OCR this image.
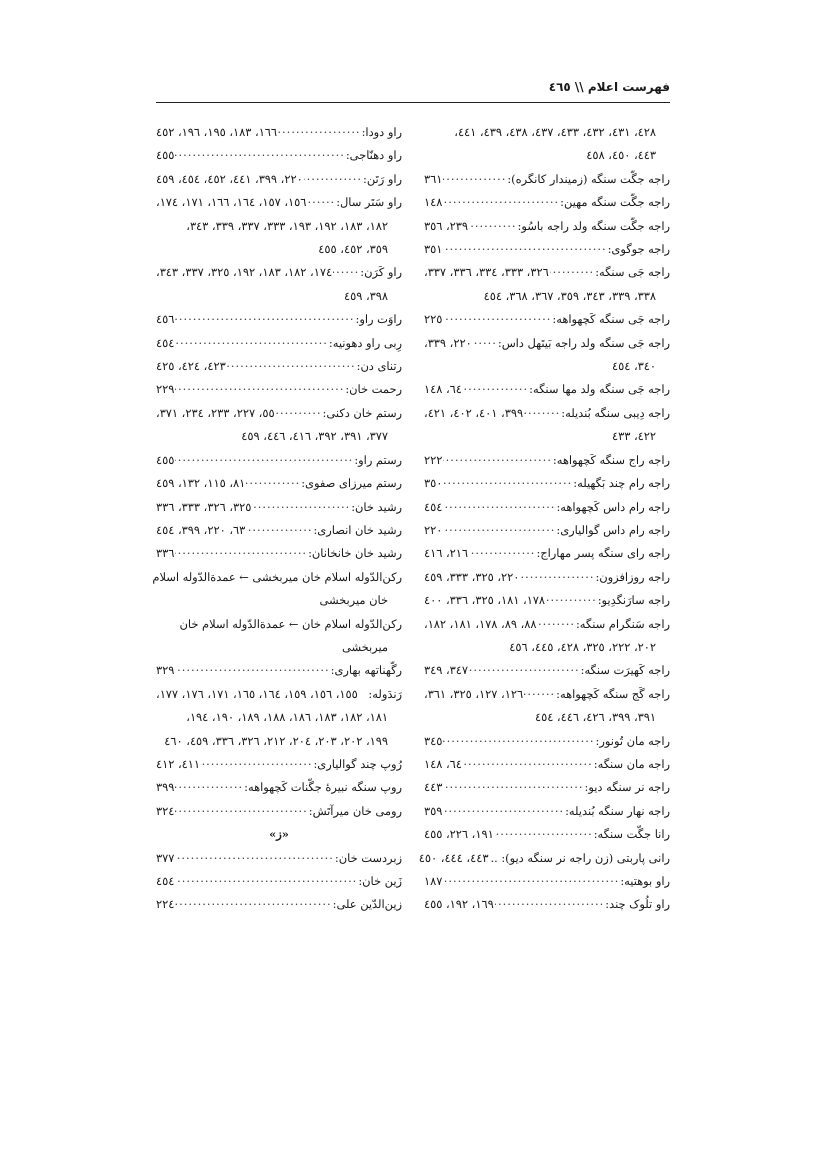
فهرست اعلام \\ ٤٦٥
٤٢٨، ٤٣١، ٤٣٢، ٤٣٣، ٤٣٧، ٤٣٨، ٤٣٩، ٤٤١،
٤٤٣، ٤٥٠، ٤٥٨
راجه جگّت سنگه (زمیندار کانگره):
.....
٣٦١
راجه جگّت سنگه مهین:
.....
١٤٨
راجه جگّت سنگه ولد راجه باسُو:
.....
٢٣٩، ٣٥٦
راجه جوگوی:
.....
٣٥١
راجه جَی سنگه:
.....
٣٢٦، ٣٣٣، ٣٣٤، ٣٣٦، ٣٣٧،
٣٣٨، ٣٣٩، ٣٤٣، ٣٥٩، ٣٦٧، ٣٦٨، ٤٥٤
راجه جَی سنگه کَچهواهه:
.....
٢٢٥
راجه جَی سنگه ولد راجه بَیتَهل داس:
.....
٢٢٠، ٣٣٩،
٣٤٠، ٤٥٤
راجه جَی سنگه ولد مها سنگه:
.....
٦٤، ١٤٨
راجه دِیبی سنگه بُندیله:
.....
٣٩٩، ٤٠١، ٤٠٢، ٤٢١،
٤٢٢، ٤٣٣
راجه راج سنگه کَچهواهه:
.....
٢٢٢
راجه رام چند بَگهیله:
.....
٣٥٠
راجه رام داس کَچهواهه:
.....
٤٥٤
راجه رام داس گوالیاری:
.....
٢٢٠
راجه رای سنگه پسر مهاراج:
.....
٢١٦، ٤١٦
راجه روزافزون:
.....
٢٢٠، ٣٢٥، ٣٣٣، ٤٥٩
راجه سارَنگدِیو:
.....
١٧٨، ١٨١، ٣٢٥، ٣٣٦، ٤٠٠
راجه سَنگرام سنگه:
.....
٨٨، ٨٩، ١٧٨، ١٨١، ١٨٢،
٢٠٢، ٢٢٢، ٣٢٥، ٤٢٨، ٤٤٥، ٤٥٦
راجه کَهیرَت سنگه:
.....
٣٤٧، ٣٤٩
راجه گَج سنگه کَچهواهه:
.....
١٢٦، ١٢٧، ٣٢٥، ٣٦١،
٣٩١، ٣٩٩، ٤٢٦، ٤٤٦، ٤٥٤
راجه مان تُونور:
.....
٣٤٥
راجه مان سنگه:
.....
٦٤، ١٤٨
راجه نر سنگه دیو:
.....
٤٤٣
راجه نهار سنگه بُندیله:
.....
٣٥٩
رانا جگّت سنگه:
.....
١٩١، ٢٢٦، ٤٥٥
رانی پاربتی (زن راجه نر سنگه دیو): ..
٤٤٣، ٤٤٤، ٤٥٠
راو بوهتیه:
.....
١٨٧
راو تلُوک چند:
.....
١٦٩، ١٩٢، ٤٥٥
راو دودا:
.....
١٦٦، ١٨٣، ١٩٥، ١٩٦، ٤٥٢
راو دهنّاجی:
.....
٤٥٥
راو رَتَن:
.....
٢٢٠، ٣٩٩، ٤٤١، ٤٥٢، ٤٥٤، ٤٥٩
راو سَتَر سال:
.....
١٥٦، ١٥٧، ١٦٤، ١٦٦، ١٧١، ١٧٤،
١٨٢، ١٨٣، ١٩٢، ١٩٣، ٣٣٣، ٣٣٧، ٣٣٩، ٣٤٣،
٣٥٩، ٤٥٢، ٤٥٥
راو کَرَن:
.....
١٧٤، ١٨٢، ١٨٣، ١٩٢، ٣٢٥، ٣٣٧، ٣٤٣،
٣٩٨، ٤٥٩
راوَت راو:
.....
٤٥٦
رِبی راو دهونیه:
.....
٤٥٤
رتنای دن:
.....
٤٢٣، ٤٢٤، ٤٢٥
رحمت خان:
.....
٢٢٩
رستم خان دکنی:
.....
٥٥، ٢٢٧، ٢٣٣، ٢٣٤، ٣٧١،
٣٧٧، ٣٩١، ٣٩٢، ٤١٦، ٤٤٦، ٤٥٩
رستم راو:
.....
٤٥٥
رستم میرزای صفوی:
.....
٨١، ١١٥، ١٣٢، ٤٥٩
رشید خان:
.....
٣٢٥، ٣٢٦، ٣٣٣، ٣٣٦
رشید خان انصاری:
.....
٦٣، ٢٢٠، ٣٩٩، ٤٥٤
رشید خان خانخانان:
.....
٣٣٦
رکن‌الدّوله اسلام خان میربخشی ← عمدةالدّوله اسلام
خان میربخشی
رکن‌الدّوله اسلام خان ← عمدةالدّوله اسلام خان
میربخشی
رگّهناتهه بهاری:
.....
٣٢٩
رَندَوله:
١٥٥، ١٥٦، ١٥٩، ١٦٤، ١٦٥، ١٧١، ١٧٦، ١٧٧،
١٨١، ١٨٢، ١٨٣، ١٨٦، ١٨٨، ١٨٩، ١٩٠، ١٩٤،
١٩٩، ٢٠٢، ٢٠٣، ٢٠٤، ٢١٢، ٣٢٦، ٣٣٦، ٤٥٩، ٤٦٠
رُوپ چند گوالیاری:
.....
٤١١، ٤١٢
روپ سنگه نبیرهٔ جگّنات کَچهواهه:
.....
٣٩٩
رومی خان میرآتَش:
.....
٣٢٤
«ز»
زبردست خان:
.....
٣٧٧
زَین خان:
.....
٤٥٤
زین‌الدّین علی:
.....
٢٢٤
